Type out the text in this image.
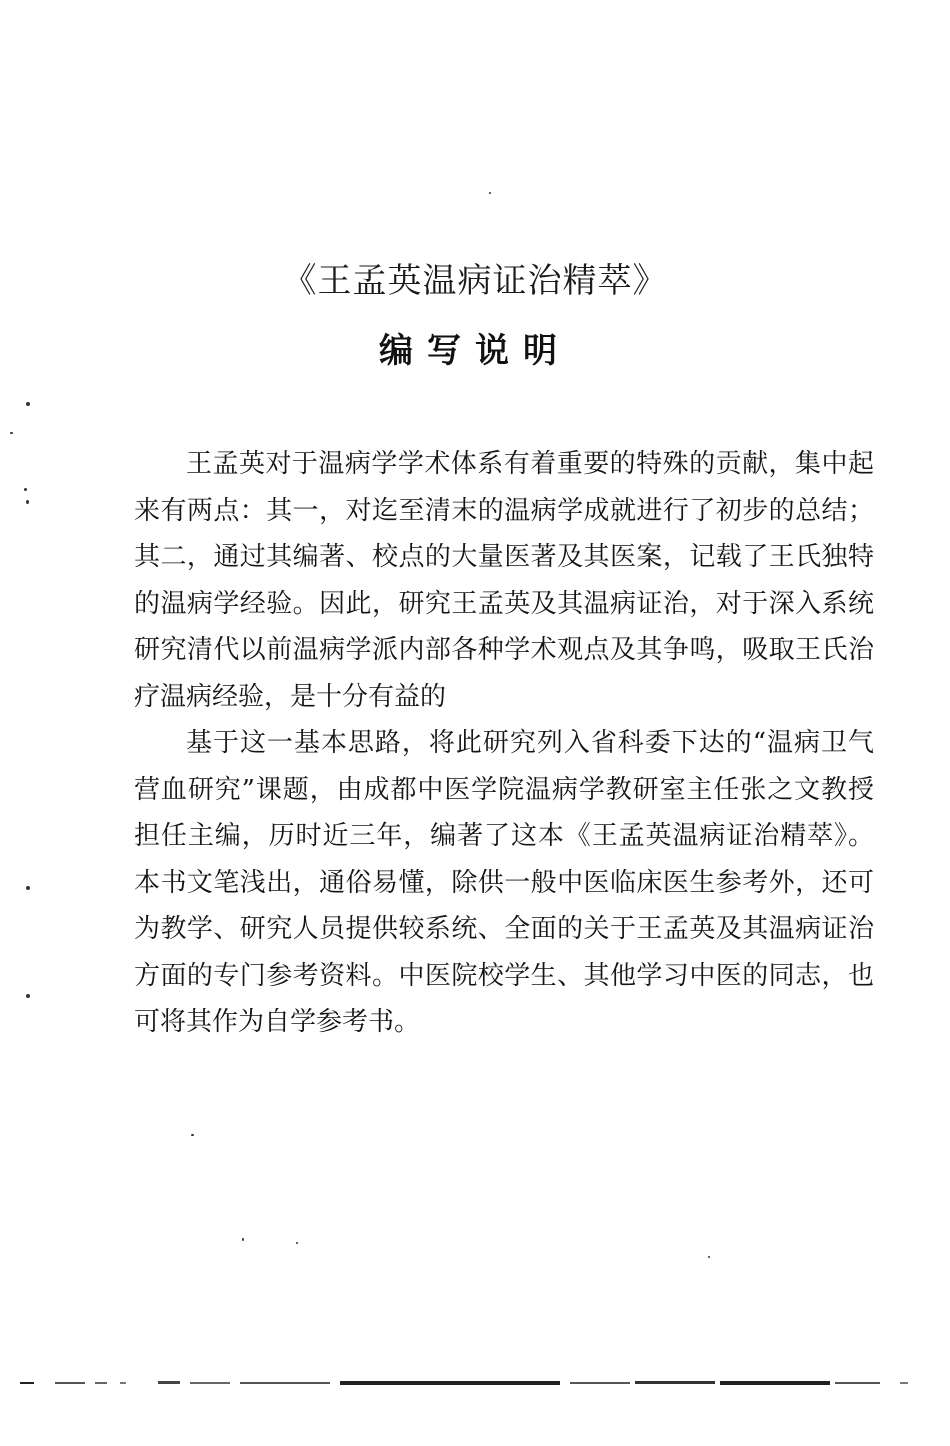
《王孟英温病证治精萃》
编写说明

王孟英对于温病学学术体系有着重要的特殊的贡献，集中起来有两点：其一，对迄至清末的温病学成就进行了初步的总结；其二，通过其编著、校点的大量医著及其医案，记载了王氏独特的温病学经验。因此，研究王孟英及其温病证治，对于深入系统研究清代以前温病学派内部各种学术观点及其争鸣，吸取王氏治疗温病经验，是十分有益的

基于这一基本思路，将此研究列入省科委下达的“温病卫气营血研究”课题，由成都中医学院温病学教研室主任张之文教授担任主编，历时近三年，编著了这本《王孟英温病证治精萃》。本书文笔浅出，通俗易懂，除供一般中医临床医生参考外，还可为教学、研究人员提供较系统、全面的关于王孟英及其温病证治方面的专门参考资料。中医院校学生、其他学习中医的同志，也可将其作为自学参考书。
